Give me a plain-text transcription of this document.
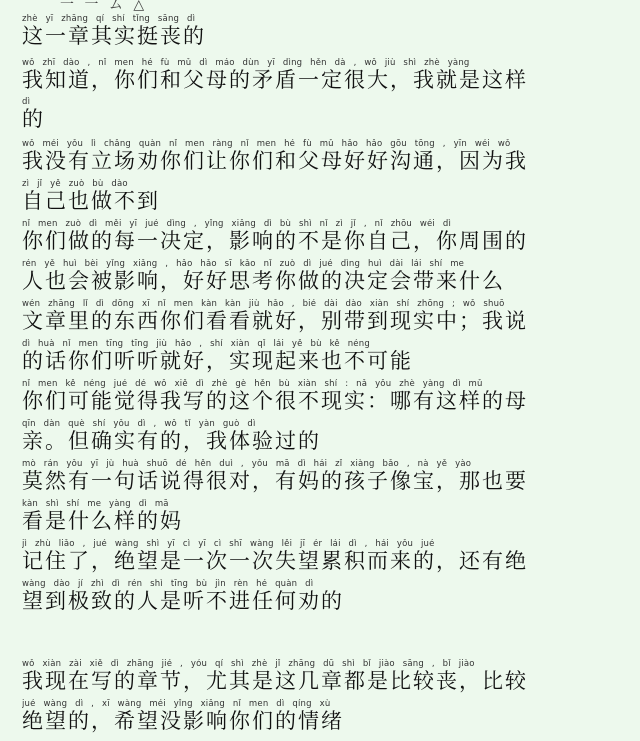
一 一 ム △
zhè yī zhāng qí shí tǐng sāng dì
这一章其实挺丧的
wǒ zhī dào , nǐ men hé fù mǔ dì máo dùn yī dìng hěn dà , wǒ jiù shì zhè yàng
我知道，你们和父母的矛盾一定很大，我就是这样
dì
的
wǒ méi yǒu lì chǎng quàn nǐ men ràng nǐ men hé fù mǔ hǎo hǎo gōu tōng , yīn wéi wǒ
我没有立场劝你们让你们和父母好好沟通，因为我
zì jǐ yě zuò bù dào
自己也做不到
nǐ men zuò dì měi yī jué dìng , yǐng xiǎng dì bù shì nǐ zì jǐ , nǐ zhōu wéi dì
你们做的每一决定，影响的不是你自己，你周围的
rén yě huì bèi yǐng xiǎng , hǎo hǎo sī kǎo nǐ zuò dì jué dìng huì dài lái shí me
人也会被影响，好好思考你做的决定会带来什么
wén zhāng lǐ dì dōng xī nǐ men kàn kàn jiù hǎo , bié dài dào xiàn shí zhōng ; wǒ shuō
文章里的东西你们看看就好，别带到现实中；我说
dì huà nǐ men tīng tīng jiù hǎo , shí xiàn qǐ lái yě bù kě néng
的话你们听听就好，实现起来也不可能
nǐ men kě néng jué dé wǒ xiě dì zhè gè hěn bù xiàn shí : nǎ yǒu zhè yàng dì mǔ
你们可能觉得我写的这个很不现实：哪有这样的母
qīn dàn què shí yǒu dì , wǒ tǐ yàn guò dì
亲。但确实有的，我体验过的
mò rán yǒu yī jù huà shuō dé hěn duì , yǒu mā dì hái zǐ xiàng bǎo , nà yě yào
莫然有一句话说得很对，有妈的孩子像宝，那也要
kàn shì shí me yàng dì mā
看是什么样的妈
jì zhù liǎo , jué wàng shì yī cì yī cì shī wàng lěi jī ér lái dì , hái yǒu jué
记住了，绝望是一次一次失望累积而来的，还有绝
wàng dào jí zhì dì rén shì tīng bù jìn rèn hé quàn dì
望到极致的人是听不进任何劝的
wǒ xiàn zài xiě dì zhāng jié , yóu qí shì zhè jǐ zhāng dū shì bǐ jiào sāng , bǐ jiào
我现在写的章节，尤其是这几章都是比较丧，比较
jué wàng dì , xī wàng méi yǐng xiǎng nǐ men dì qíng xù
绝望的，希望没影响你们的情绪
